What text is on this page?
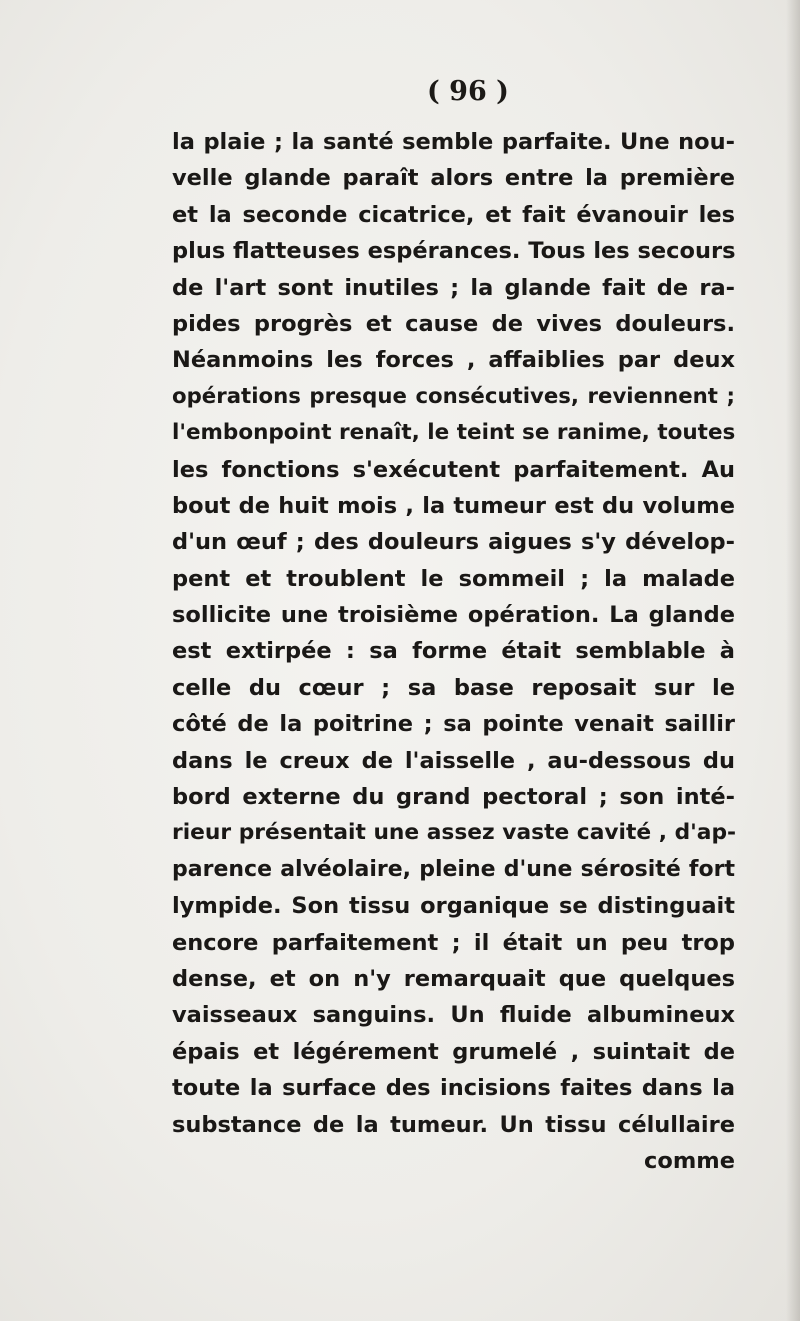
( 96 )

la plaie ; la santé semble parfaite. Une nou-
velle glande paraît alors entre la première
et la seconde cicatrice, et fait évanouir les
plus flatteuses espérances. Tous les secours
de l'art sont inutiles ; la glande fait de ra-
pides progrès et cause de vives douleurs.
Néanmoins les forces , affaiblies par deux
opérations presque consécutives, reviennent ;
l'embonpoint renaît, le teint se ranime, toutes
les fonctions s'exécutent parfaitement. Au
bout de huit mois , la tumeur est du volume
d'un œuf ; des douleurs aigues s'y dévelop-
pent et troublent le sommeil ; la malade
sollicite une troisième opération. La glande
est extirpée : sa forme était semblable à
celle du cœur ; sa base reposait sur le
côté de la poitrine ; sa pointe venait saillir
dans le creux de l'aisselle , au-dessous du
bord externe du grand pectoral ; son inté-
rieur présentait une assez vaste cavité , d'ap-
parence alvéolaire, pleine d'une sérosité fort
lympide. Son tissu organique se distinguait
encore parfaitement ; il était un peu trop
dense, et on n'y remarquait que quelques
vaisseaux sanguins. Un fluide albumineux
épais et légérement grumelé , suintait de
toute la surface des incisions faites dans la
substance de la tumeur. Un tissu célullaire
comme
